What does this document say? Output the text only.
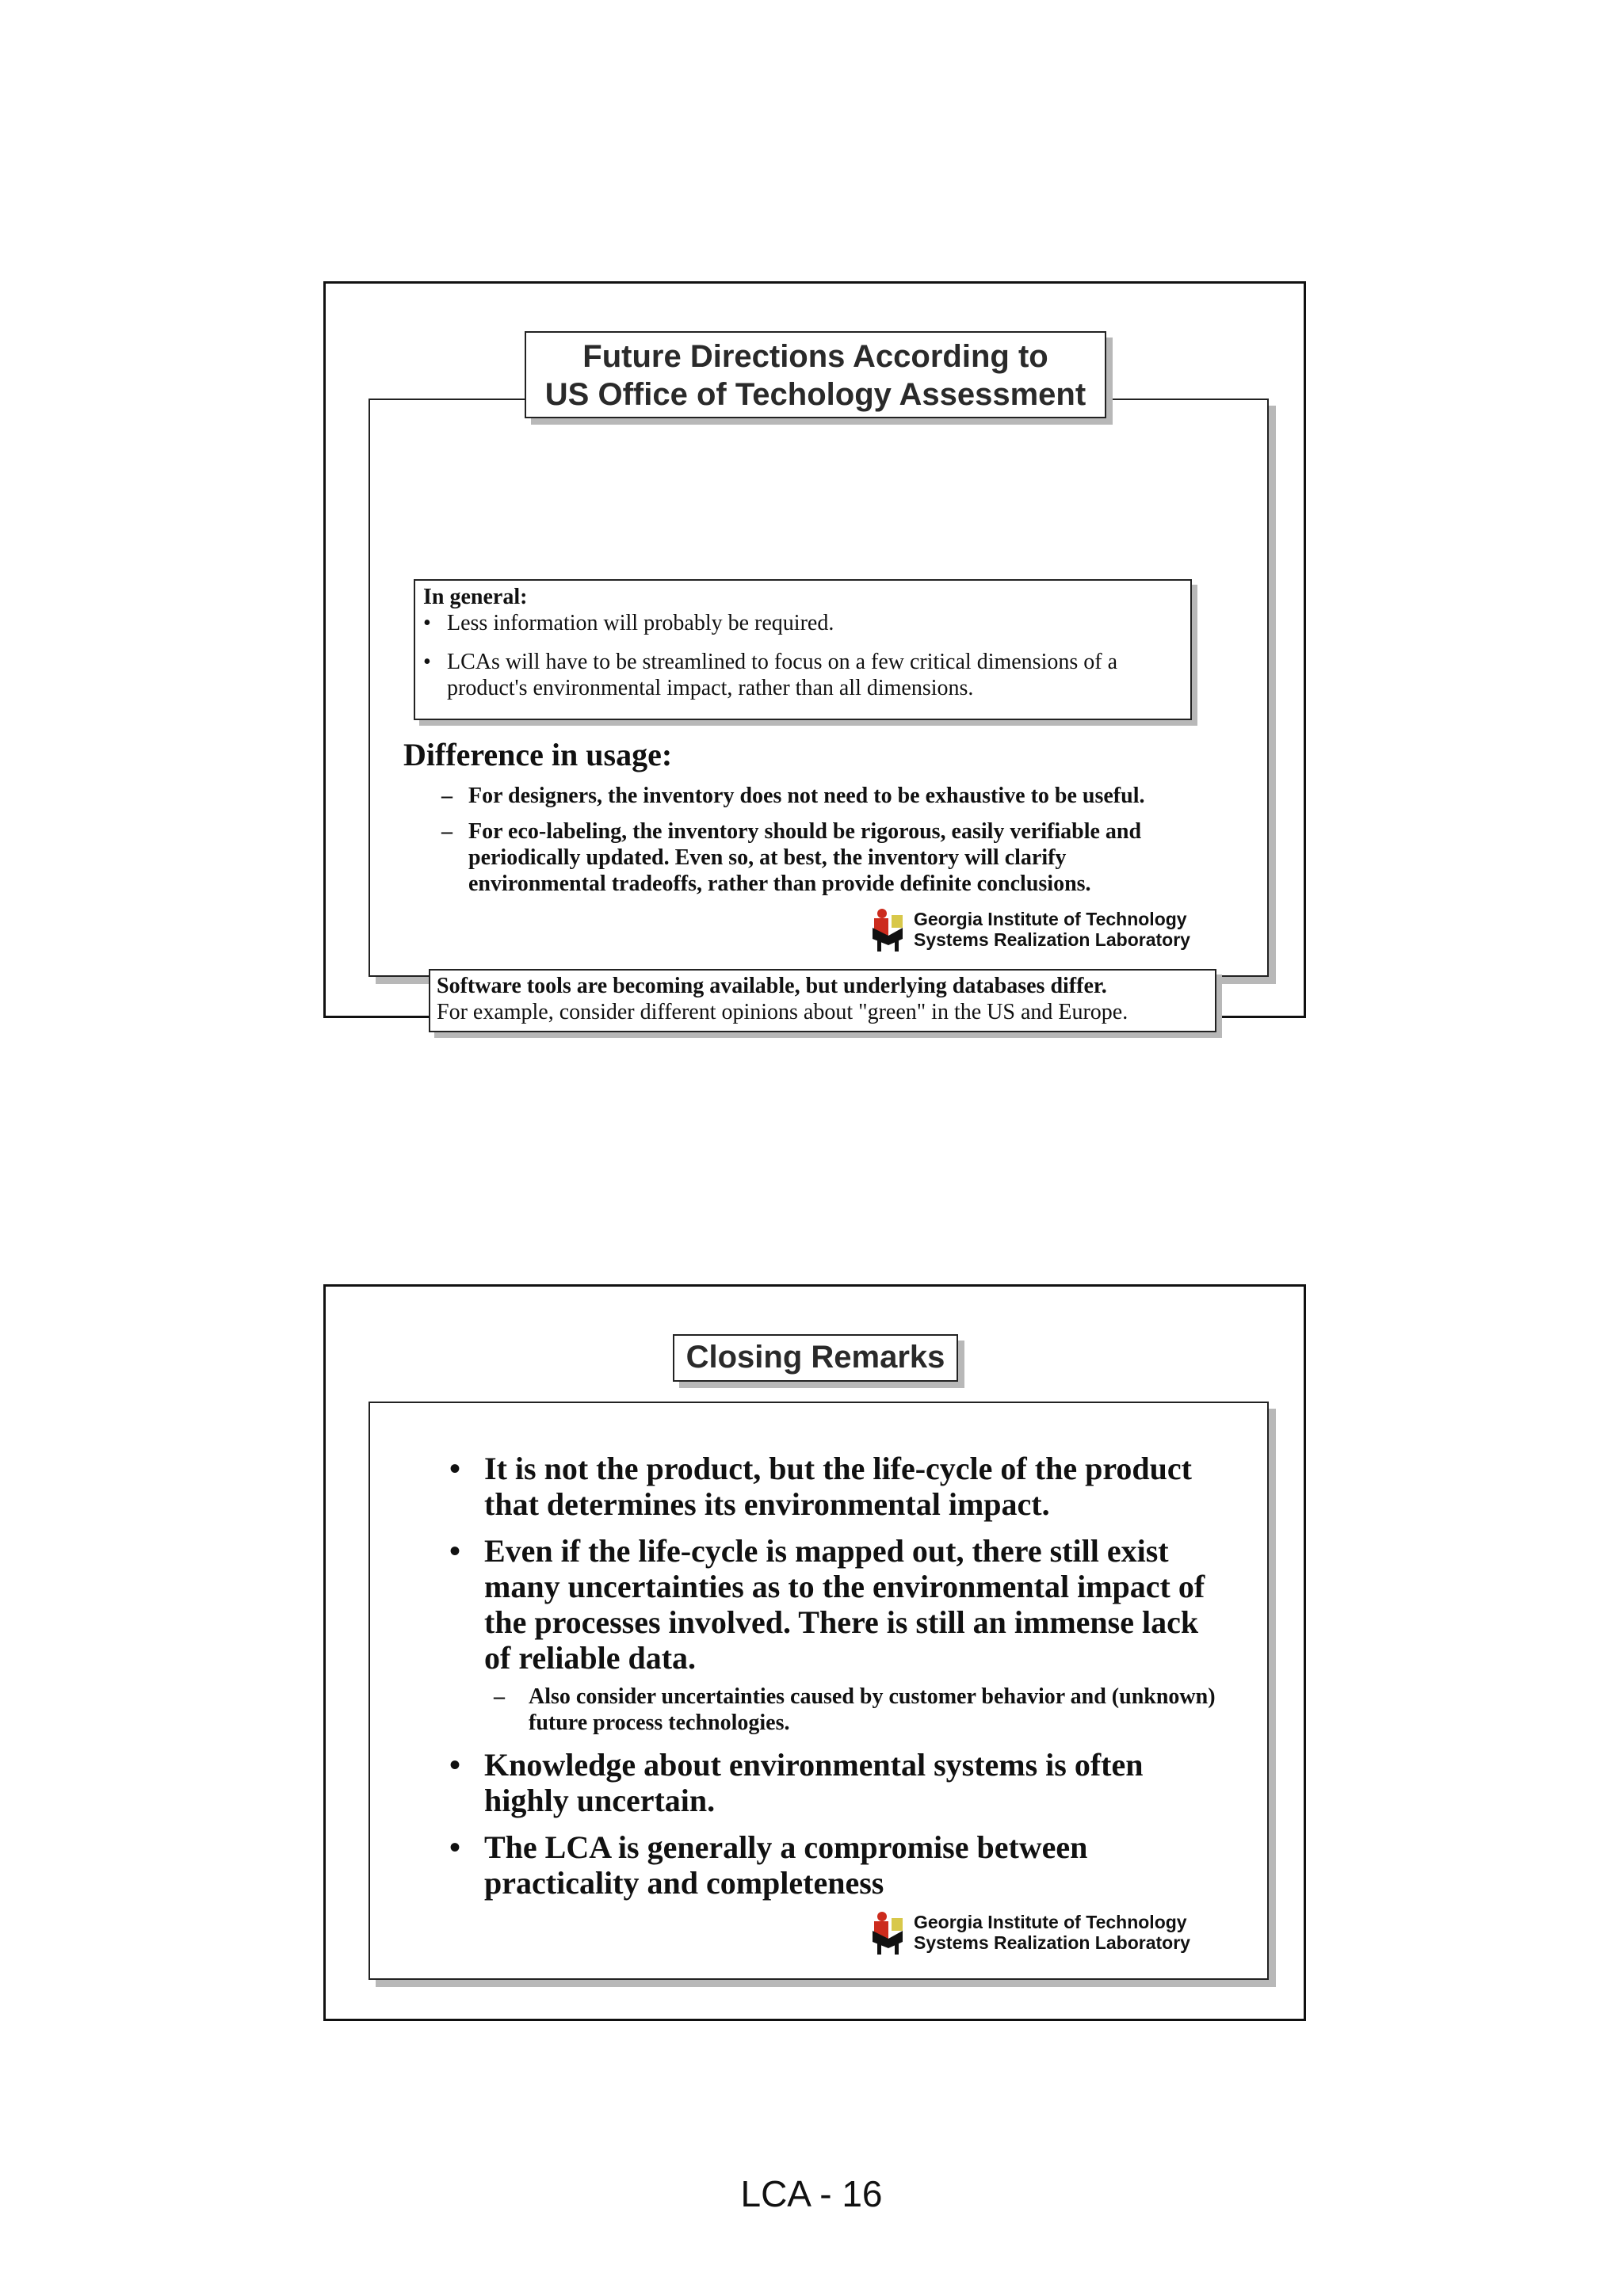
Future Directions According to
US Office of Techology Assessment
In general:
• Less information will probably be required.
• LCAs will have to be streamlined to focus on a few critical dimensions of a product's environmental impact, rather than all dimensions.
Difference in usage:
– For designers, the inventory does not need to be exhaustive to be useful.
– For eco-labeling, the inventory should be rigorous, easily verifiable and periodically updated. Even so, at best, the inventory will clarify environmental tradeoffs, rather than provide definite conclusions.
Software tools are becoming available, but underlying databases differ.
For example, consider different opinions about "green" in the US and Europe.
Georgia Institute of Technology
Systems Realization Laboratory
Closing Remarks
• It is not the product, but the life-cycle of the product that determines its environmental impact.
• Even if the life-cycle is mapped out, there still exist many uncertainties as to the environmental impact of the processes involved. There is still an immense lack of reliable data.
– Also consider uncertainties caused by customer behavior and (unknown) future process technologies.
• Knowledge about environmental systems is often highly uncertain.
• The LCA is generally a compromise between practicality and completeness
Georgia Institute of Technology
Systems Realization Laboratory
LCA - 16
